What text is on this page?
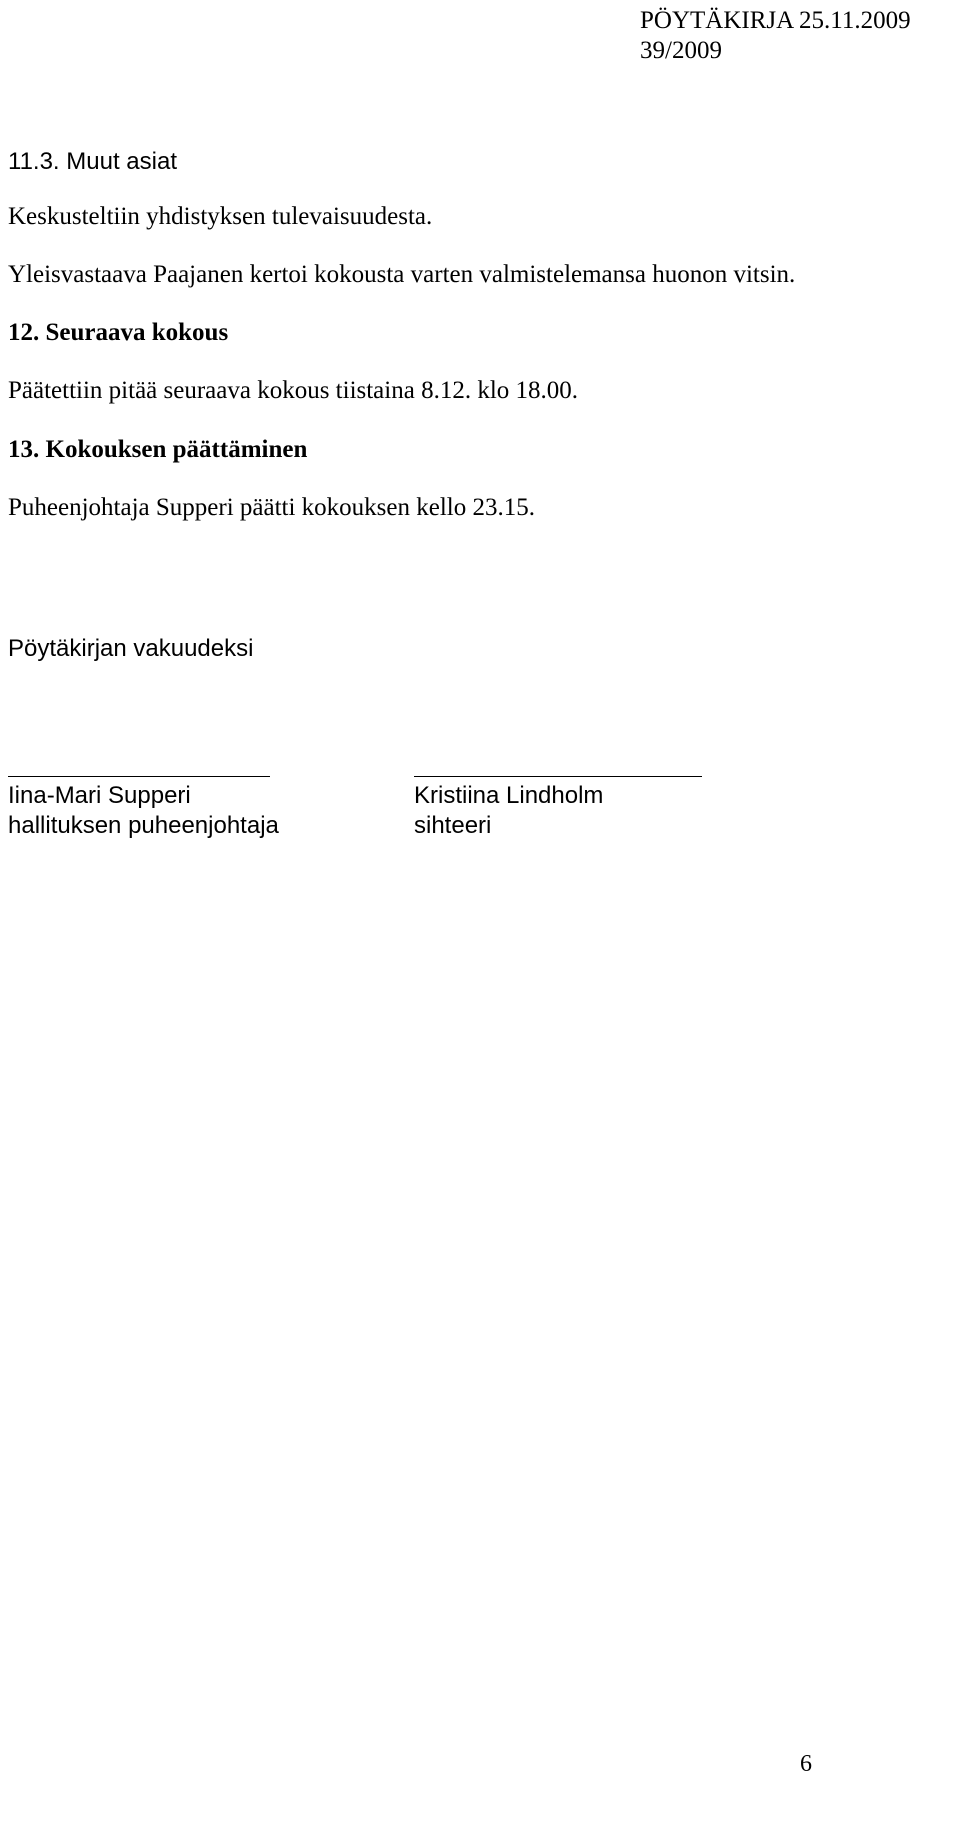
PÖYTÄKIRJA 25.11.2009
39/2009
11.3. Muut asiat
Keskusteltiin yhdistyksen tulevaisuudesta.
Yleisvastaava Paajanen kertoi kokousta varten valmistelemansa huonon vitsin.
12. Seuraava kokous
Päätettiin pitää seuraava kokous tiistaina 8.12. klo 18.00.
13. Kokouksen päättäminen
Puheenjohtaja Supperi päätti kokouksen kello 23.15.
Pöytäkirjan vakuudeksi
Iina-Mari Supperi
hallituksen puheenjohtaja
Kristiina Lindholm
sihteeri
6
